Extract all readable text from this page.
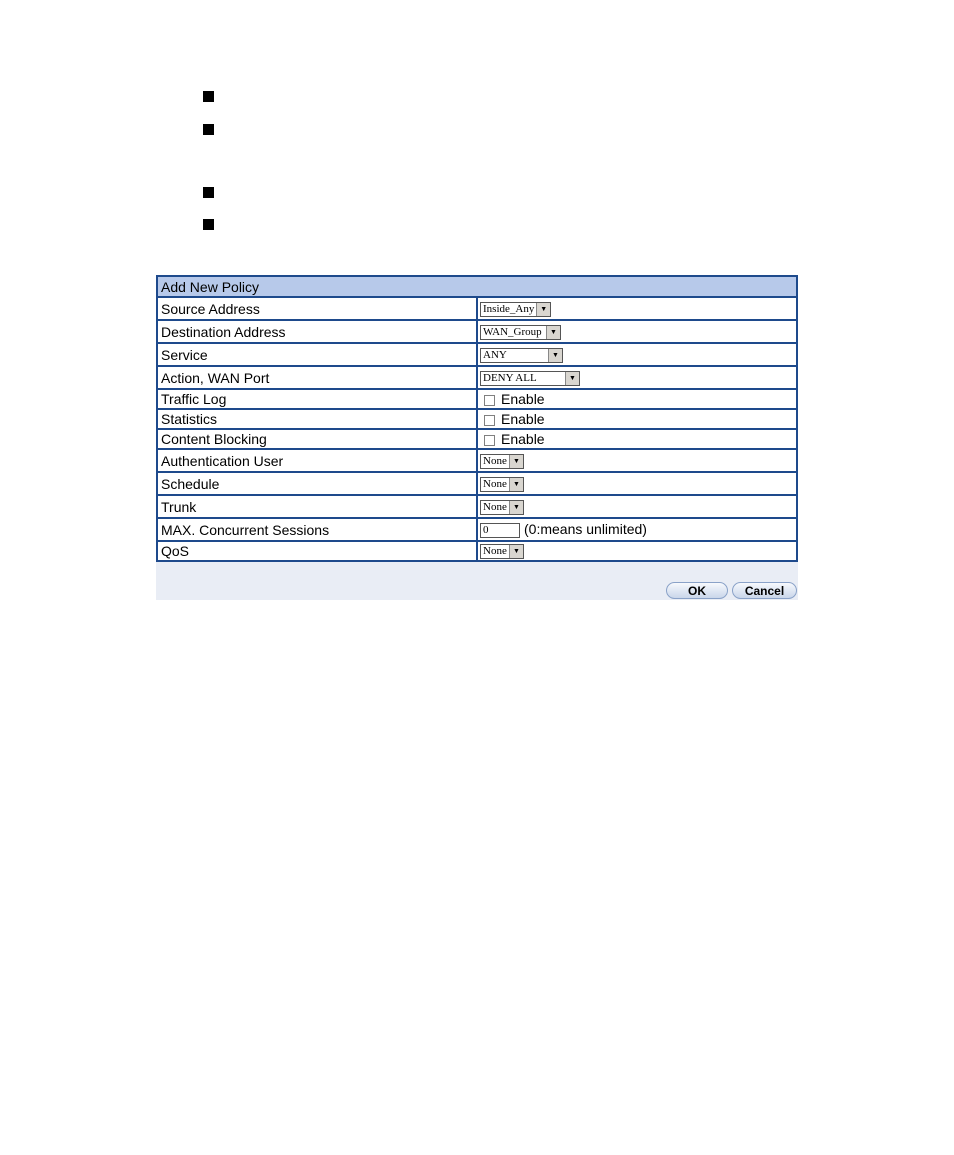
Add New Policy	
Source Address	Inside_Any ▼

Destination Address	WAN_Group ▼

Service	ANY ▼

Action, WAN Port	DENY ALL ▼

Traffic Log	Enable
Statistics	Enable
Content Blocking	Enable
Authentication User	None ▼

Schedule	None ▼

Trunk	None ▼

MAX. Concurrent Sessions	0 (0:means unlimited)
QoS	None ▼
OK	Cancel
